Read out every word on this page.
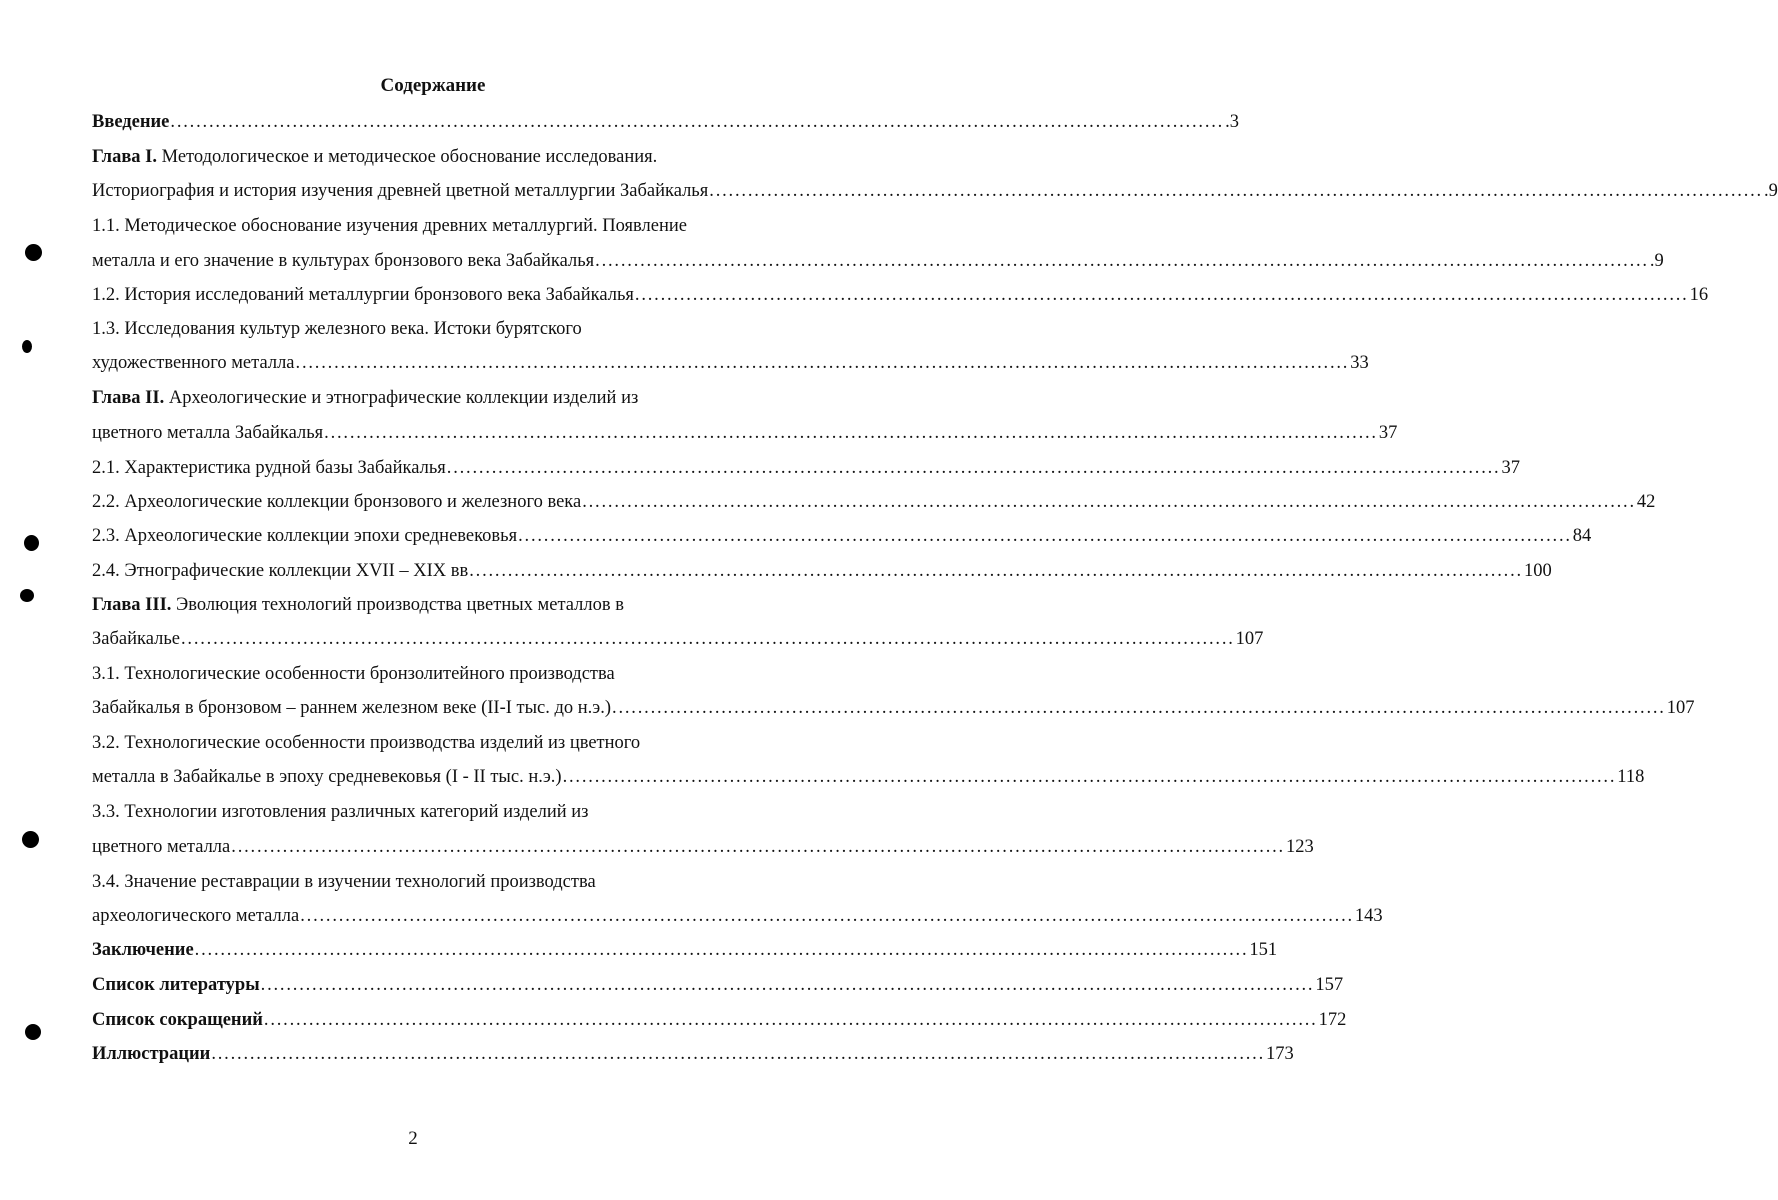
Содержание
Введение .................................................................................................................................................................... .3
Глава I. Методологическое и методическое обоснование исследования.
Историография и история изучения древней цветной металлургии Забайкалья .................................................................................................................................................................... .9
1.1. Методическое обоснование изучения древних металлургий. Появление
металла и его значение в культурах бронзового века Забайкалья .................................................................................................................................................................... .9
1.2. История исследований металлургии бронзового века Забайкалья .................................................................................................................................................................... 16
1.3. Исследования культур железного века. Истоки бурятского
художественного металла .................................................................................................................................................................... 33
Глава II. Археологические и этнографические коллекции изделий из
цветного металла Забайкалья .................................................................................................................................................................... 37
2.1. Характеристика рудной базы Забайкалья .................................................................................................................................................................... 37
2.2. Археологические коллекции бронзового и железного века .................................................................................................................................................................... 42
2.3. Археологические коллекции эпохи средневековья .................................................................................................................................................................... 84
2.4. Этнографические коллекции XVII – XIX вв .................................................................................................................................................................... 100
Глава III. Эволюция технологий производства цветных металлов в
Забайкалье .................................................................................................................................................................... 107
3.1. Технологические особенности бронзолитейного производства
Забайкалья в бронзовом – раннем железном веке (II-I тыс. до н.э.) .................................................................................................................................................................... 107
3.2. Технологические особенности производства изделий из цветного
металла в Забайкалье в эпоху средневековья (I - II тыс. н.э.) .................................................................................................................................................................... 118
3.3. Технологии изготовления различных категорий изделий из
цветного металла .................................................................................................................................................................... 123
3.4. Значение реставрации в изучении технологий производства
археологического металла .................................................................................................................................................................... 143
Заключение .................................................................................................................................................................... 151
Список литературы .................................................................................................................................................................... 157
Список сокращений .................................................................................................................................................................... 172
Иллюстрации .................................................................................................................................................................... 173
2
